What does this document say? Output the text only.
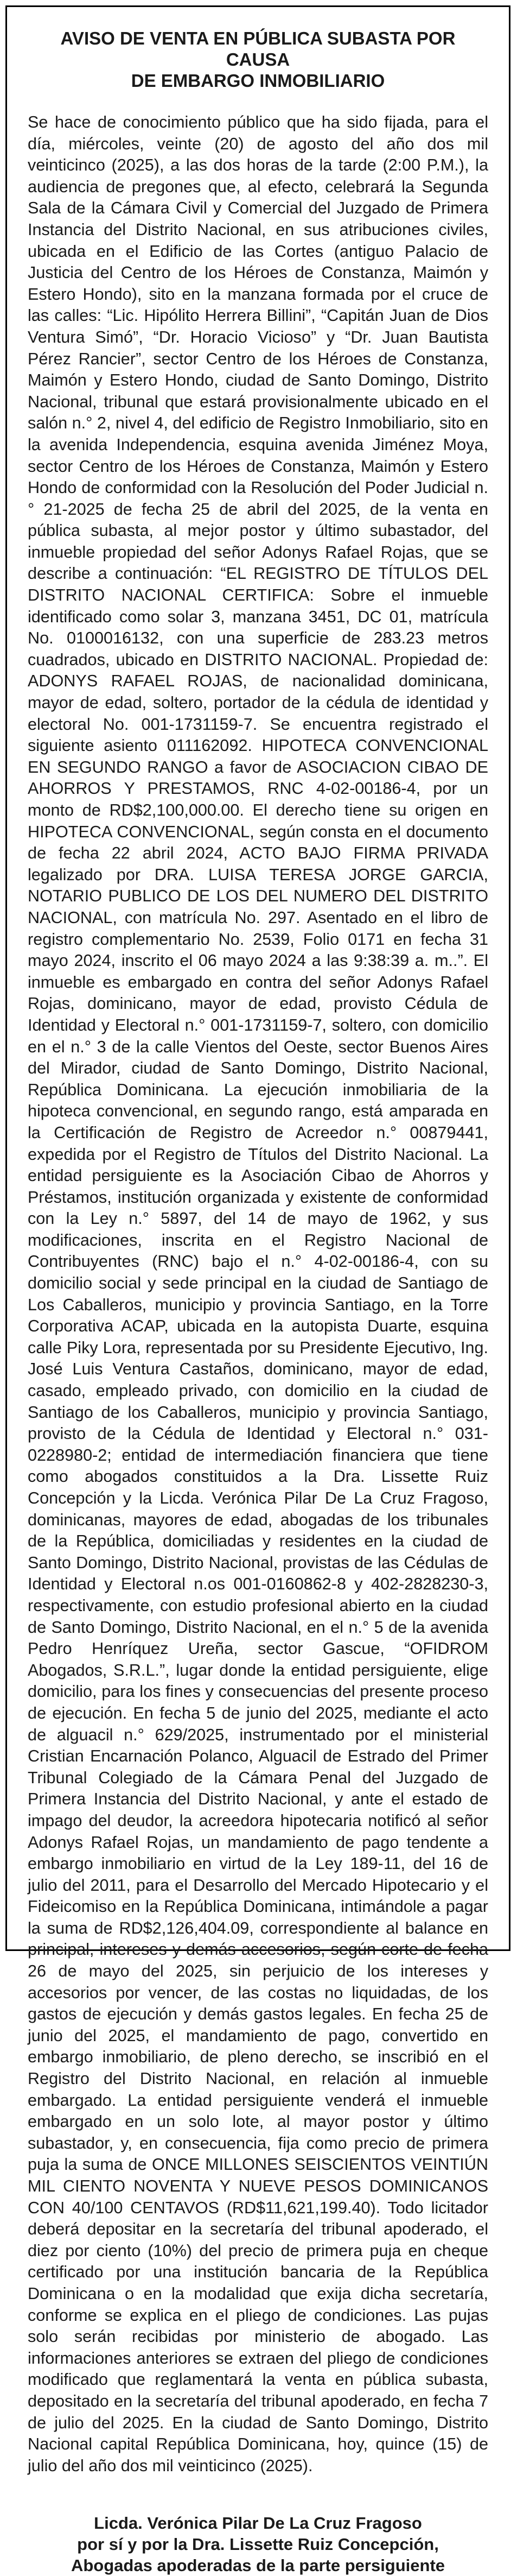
AVISO DE VENTA EN PÚBLICA SUBASTA POR CAUSA
DE EMBARGO INMOBILIARIO
Se hace de conocimiento público que ha sido fijada, para el día, miércoles, veinte (20) de agosto del año dos mil veinticinco (2025), a las dos horas de la tarde (2:00 P.M.), la audiencia de pregones que, al efecto, celebrará la Segunda Sala de la Cámara Civil y Comercial del Juzgado de Primera Instancia del Distrito Nacional, en sus atribuciones civiles, ubicada en el Edificio de las Cortes (antiguo Palacio de Justicia del Centro de los Héroes de Constanza, Maimón y Estero Hondo), sito en la manzana formada por el cruce de las calles: “Lic. Hipólito Herrera Billini”, “Capitán Juan de Dios Ventura Simó”, “Dr. Horacio Vicioso” y “Dr. Juan Bautista Pérez Rancier”, sector Centro de los Héroes de Constanza, Maimón y Estero Hondo, ciudad de Santo Domingo, Distrito Nacional, tribunal que estará provisionalmente ubicado en el salón n.° 2, nivel 4, del edificio de Registro Inmobiliario, sito en la avenida Independencia, esquina avenida Jiménez Moya, sector Centro de los Héroes de Constanza, Maimón y Estero Hondo de conformidad con la Resolución del Poder Judicial n.° 21-2025 de fecha 25 de abril del 2025, de la venta en pública subasta, al mejor postor y último subastador, del inmueble propiedad del señor Adonys Rafael Rojas, que se describe a continuación: “EL REGISTRO DE TÍTULOS DEL DISTRITO NACIONAL CERTIFICA: Sobre el inmueble identificado como solar 3, manzana 3451, DC 01, matrícula No. 0100016132, con una superficie de 283.23 metros cuadrados, ubicado en DISTRITO NACIONAL. Propiedad de: ADONYS RAFAEL ROJAS, de nacionalidad dominicana, mayor de edad, soltero, portador de la cédula de identidad y electoral No. 001-1731159-7. Se encuentra registrado el siguiente asiento 011162092. HIPOTECA CONVENCIONAL EN SEGUNDO RANGO a favor de ASOCIACION CIBAO DE AHORROS Y PRESTAMOS, RNC 4-02-00186-4, por un monto de RD$2,100,000.00. El derecho tiene su origen en HIPOTECA CONVENCIONAL, según consta en el documento de fecha 22 abril 2024, ACTO BAJO FIRMA PRIVADA legalizado por DRA. LUISA TERESA JORGE GARCIA, NOTARIO PUBLICO DE LOS DEL NUMERO DEL DISTRITO NACIONAL, con matrícula No. 297. Asentado en el libro de registro complementario No. 2539, Folio 0171 en fecha 31 mayo 2024, inscrito el 06 mayo 2024 a las 9:38:39 a. m..”. El inmueble es embargado en contra del señor Adonys Rafael Rojas, dominicano, mayor de edad, provisto Cédula de Identidad y Electoral n.° 001-1731159-7, soltero, con domicilio en el n.° 3 de la calle Vientos del Oeste, sector Buenos Aires del Mirador, ciudad de Santo Domingo, Distrito Nacional, República Dominicana. La ejecución inmobiliaria de la hipoteca convencional, en segundo rango, está amparada en la Certificación de Registro de Acreedor n.° 00879441, expedida por el Registro de Títulos del Distrito Nacional. La entidad persiguiente es la Asociación Cibao de Ahorros y Préstamos, institución organizada y existente de conformidad con la Ley n.° 5897, del 14 de mayo de 1962, y sus modificaciones, inscrita en el Registro Nacional de Contribuyentes (RNC) bajo el n.° 4-02-00186-4, con su domicilio social y sede principal en la ciudad de Santiago de Los Caballeros, municipio y provincia Santiago, en la Torre Corporativa ACAP, ubicada en la autopista Duarte, esquina calle Piky Lora, representada por su Presidente Ejecutivo, Ing. José Luis Ventura Castaños, dominicano, mayor de edad, casado, empleado privado, con domicilio en la ciudad de Santiago de los Caballeros, municipio y provincia Santiago, provisto de la Cédula de Identidad y Electoral n.° 031-0228980-2; entidad de intermediación financiera que tiene como abogados constituidos a la Dra. Lissette Ruiz Concepción y la Licda. Verónica Pilar De La Cruz Fragoso, dominicanas, mayores de edad, abogadas de los tribunales de la República, domiciliadas y residentes en la ciudad de Santo Domingo, Distrito Nacional, provistas de las Cédulas de Identidad y Electoral n.os 001-0160862-8 y 402-2828230-3, respectivamente, con estudio profesional abierto en la ciudad de Santo Domingo, Distrito Nacional, en el n.° 5 de la avenida Pedro Henríquez Ureña, sector Gascue, “OFIDROM Abogados, S.R.L.”, lugar donde la entidad persiguiente, elige domicilio, para los fines y consecuencias del presente proceso de ejecución. En fecha 5 de junio del 2025, mediante el acto de alguacil n.° 629/2025, instrumentado por el ministerial Cristian Encarnación Polanco, Alguacil de Estrado del Primer Tribunal Colegiado de la Cámara Penal del Juzgado de Primera Instancia del Distrito Nacional, y ante el estado de impago del deudor, la acreedora hipotecaria notificó al señor Adonys Rafael Rojas, un mandamiento de pago tendente a embargo inmobiliario en virtud de la Ley 189-11, del 16 de julio del 2011, para el Desarrollo del Mercado Hipotecario y el Fideicomiso en la República Dominicana, intimándole a pagar la suma de RD$2,126,404.09, correspondiente al balance en principal, intereses y demás accesorios, según corte de fecha 26 de mayo del 2025, sin perjuicio de los intereses y accesorios por vencer, de las costas no liquidadas, de los gastos de ejecución y demás gastos legales. En fecha 25 de junio del 2025, el mandamiento de pago, convertido en embargo inmobiliario, de pleno derecho, se inscribió en el Registro del Distrito Nacional, en relación al inmueble embargado. La entidad persiguiente venderá el inmueble embargado en un solo lote, al mayor postor y último subastador, y, en consecuencia, fija como precio de primera puja la suma de ONCE MILLONES SEISCIENTOS VEINTIÚN MIL CIENTO NOVENTA Y NUEVE PESOS DOMINICANOS CON 40/100 CENTAVOS (RD$11,621,199.40). Todo licitador deberá depositar en la secretaría del tribunal apoderado, el diez por ciento (10%) del precio de primera puja en cheque certificado por una institución bancaria de la República Dominicana o en la modalidad que exija dicha secretaría, conforme se explica en el pliego de condiciones. Las pujas solo serán recibidas por ministerio de abogado. Las informaciones anteriores se extraen del pliego de condiciones modificado que reglamentará la venta en pública subasta, depositado en la secretaría del tribunal apoderado, en fecha 7 de julio del 2025. En la ciudad de Santo Domingo, Distrito Nacional capital República Dominicana, hoy, quince (15) de julio del año dos mil veinticinco (2025).
Licda. Verónica Pilar De La Cruz Fragoso
por sí y por la Dra. Lissette Ruiz Concepción,
Abogadas apoderadas de la parte persiguiente
